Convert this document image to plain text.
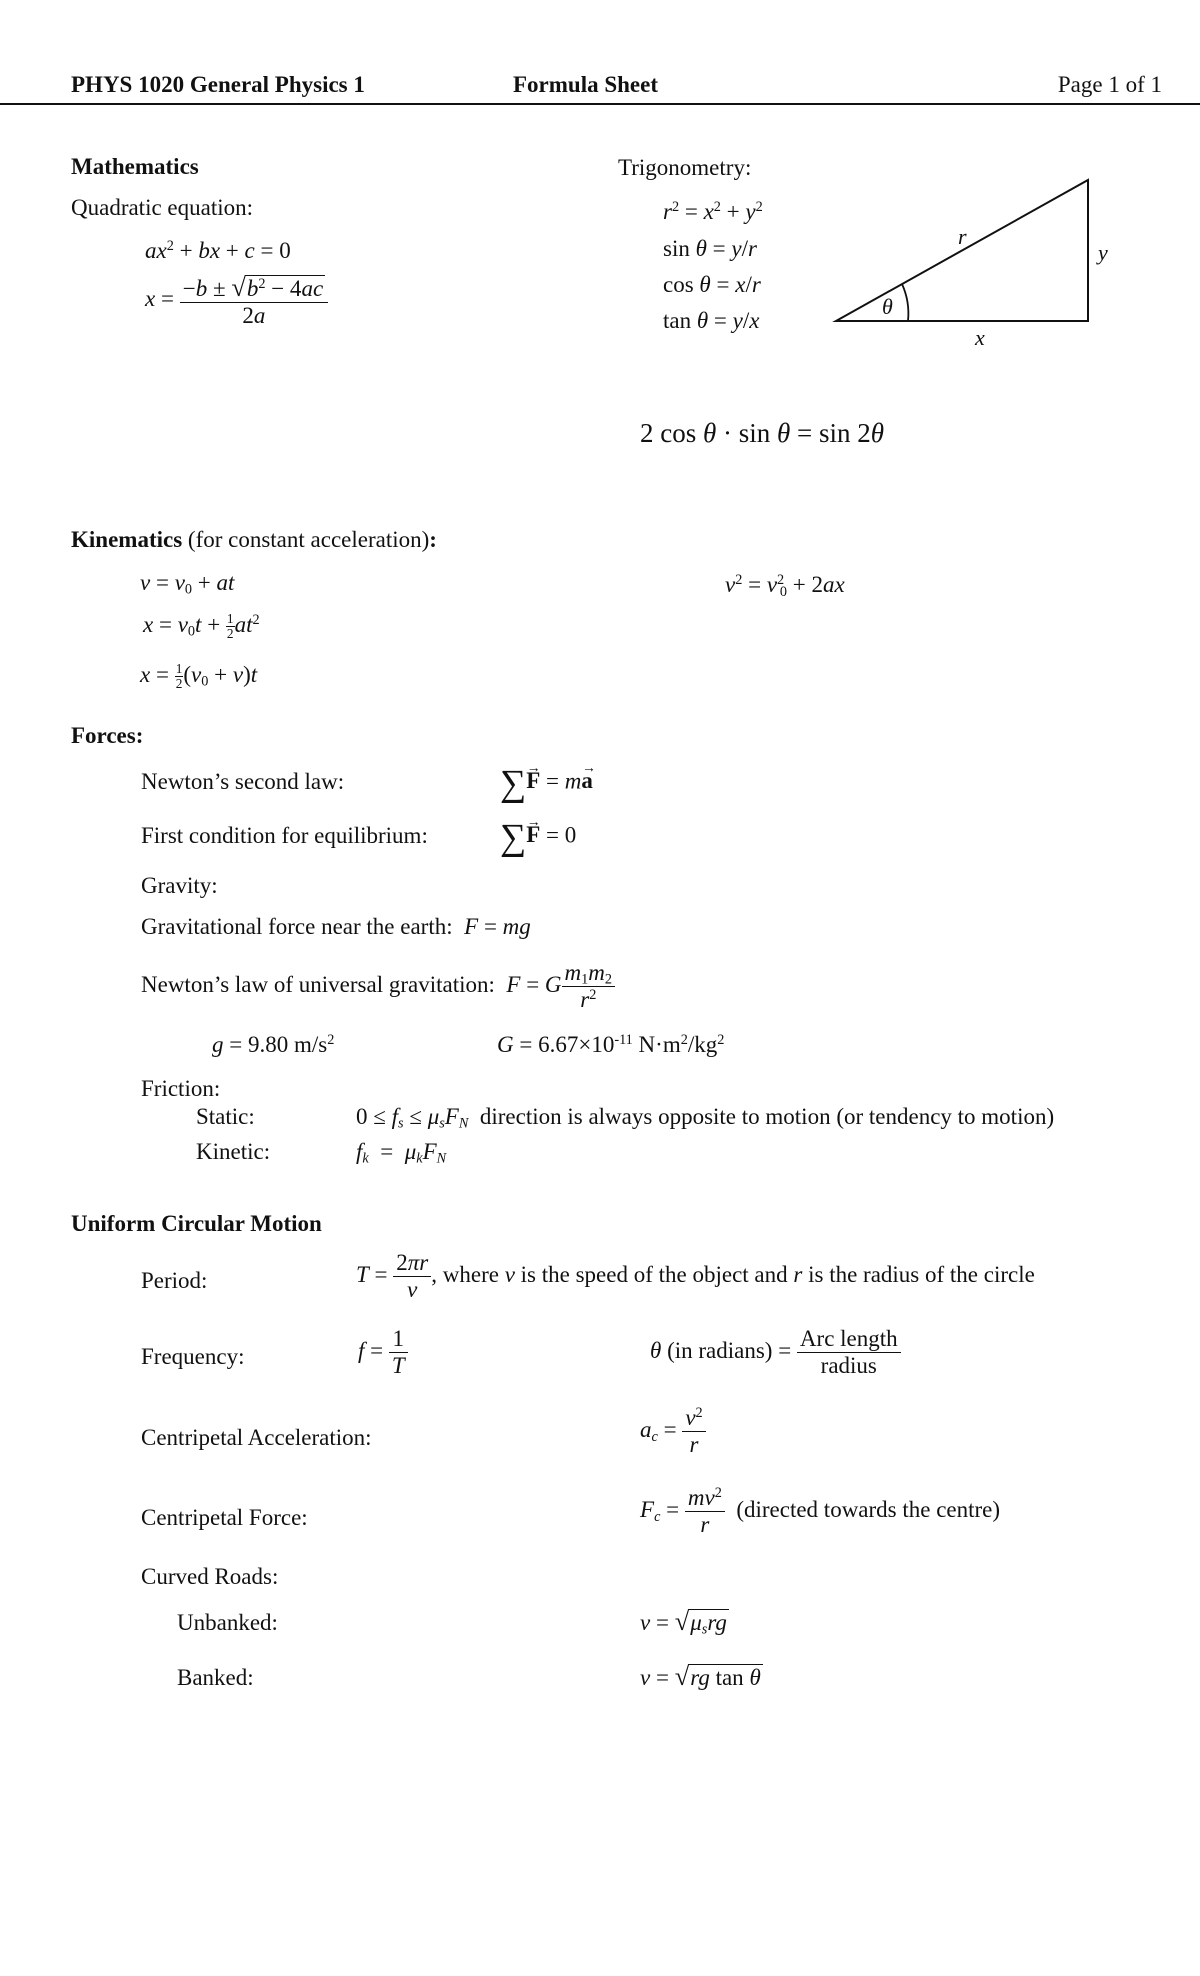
PHYS 1020 General Physics 1	Formula Sheet	Page 1 of 1
Mathematics
Quadratic equation:
$ax^2$ + bx + c = 0
$x = \frac{-b \pm √b^2 - 4ac}{2a}$
Trigonometry:
$r^2 = x^2 + y^2$
sin θ = y/r
cos θ = x/r
tan θ = y/x
r
y
x
θ
2 cos θ · sin θ = sin 2θ
Kinematics (for constant acceleration):
$v = v_0$ + at
$x = v_0t + \frac{1}{2} at^2$
$x = \frac{1}{2} (v_0 + v)t$
$v^2 = v^2_0 + 2ax$
Forces:
Newton’s second law:	∑→ F = m→ a
First condition for equilibrium: ∑→ F = 0
Gravity:
Gravitational force near the earth: F = mg
Newton’s law of universal gravitation: F = G $\frac{m_1m_2}{r^2}$
g = 9.80 $m/s^2$	$G = 6.67\times 10^{-11}$ $N\cdot m^2/kg^2$
Friction:
Static:	$0 \le f_s \le \mu_sF_N$ direction is always opposite to motion (or tendency to motion)
Kinetic:	$f_k = \mu_kF_N$
Uniform Circular Motion
Period:	$T = \frac{2\pi r}{v}$ , where v is the speed of the object and r is the radius of the circle
Frequency:	$f = \frac{1}{T}$	θ (in radians) = $\frac{\text{Arc length}}{\text{radius}}$
Centripetal Acceleration:	$a_c = \frac{v^2}{r}$
Centripetal Force:	$F_c = \frac{mv^2}{r}$ (directed towards the centre)
Curved Roads:
Unbanked:	$v = √\mu_srg$
Banked:	v = √rg tan θ
